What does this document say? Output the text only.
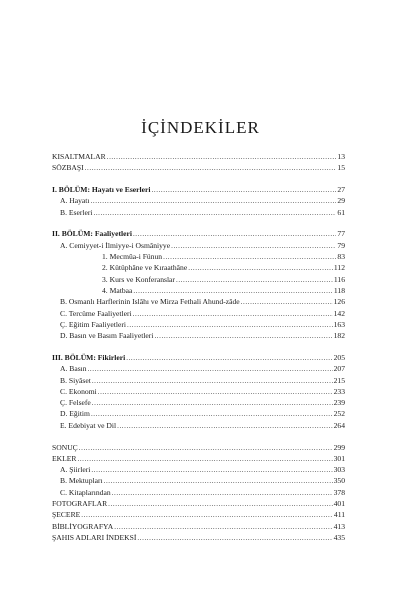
İÇİNDEKİLER
KISALTMALAR .....	13
SÖZBAŞI .....	15
I. BÖLÜM: Hayatı ve Eserleri .....	27
A. Hayatı .....	29
B. Eserleri .....	61
II. BÖLÜM: Faaliyetleri .....	77
A. Cemiyyet-i İlmiyye-i Osmâniyye .....	79
1. Mecmûa-i Fünun .....	83
2. Kütüphâne ve Kıraathâne .....	112
3. Kurs ve Konferanslar .....	116
4. Matbaa .....	118
B. Osmanlı Harflerinin Islâhı ve Mirza Fethali Ahund-zâde .....	126
C. Tercüme Faaliyetleri .....	142
Ç. Eğitim Faaliyetleri .....	163
D. Basın ve Basım Faaliyetleri .....	182
III. BÖLÜM: Fikirleri .....	205
A. Basın .....	207
B. Siyâset .....	215
C. Ekonomi .....	233
Ç. Felsefe .....	239
D. Eğitim .....	252
E. Edebiyat ve Dil .....	264
SONUÇ .....	299
EKLER .....	301
A. Şiirleri .....	303
B. Mektupları .....	350
C. Kitaplarından .....	378
FOTOGRAFLAR .....	401
ŞECERE .....	411
BİBLİYOGRAFYA .....	413
ŞAHIS ADLARI İNDEKSİ .....	435
